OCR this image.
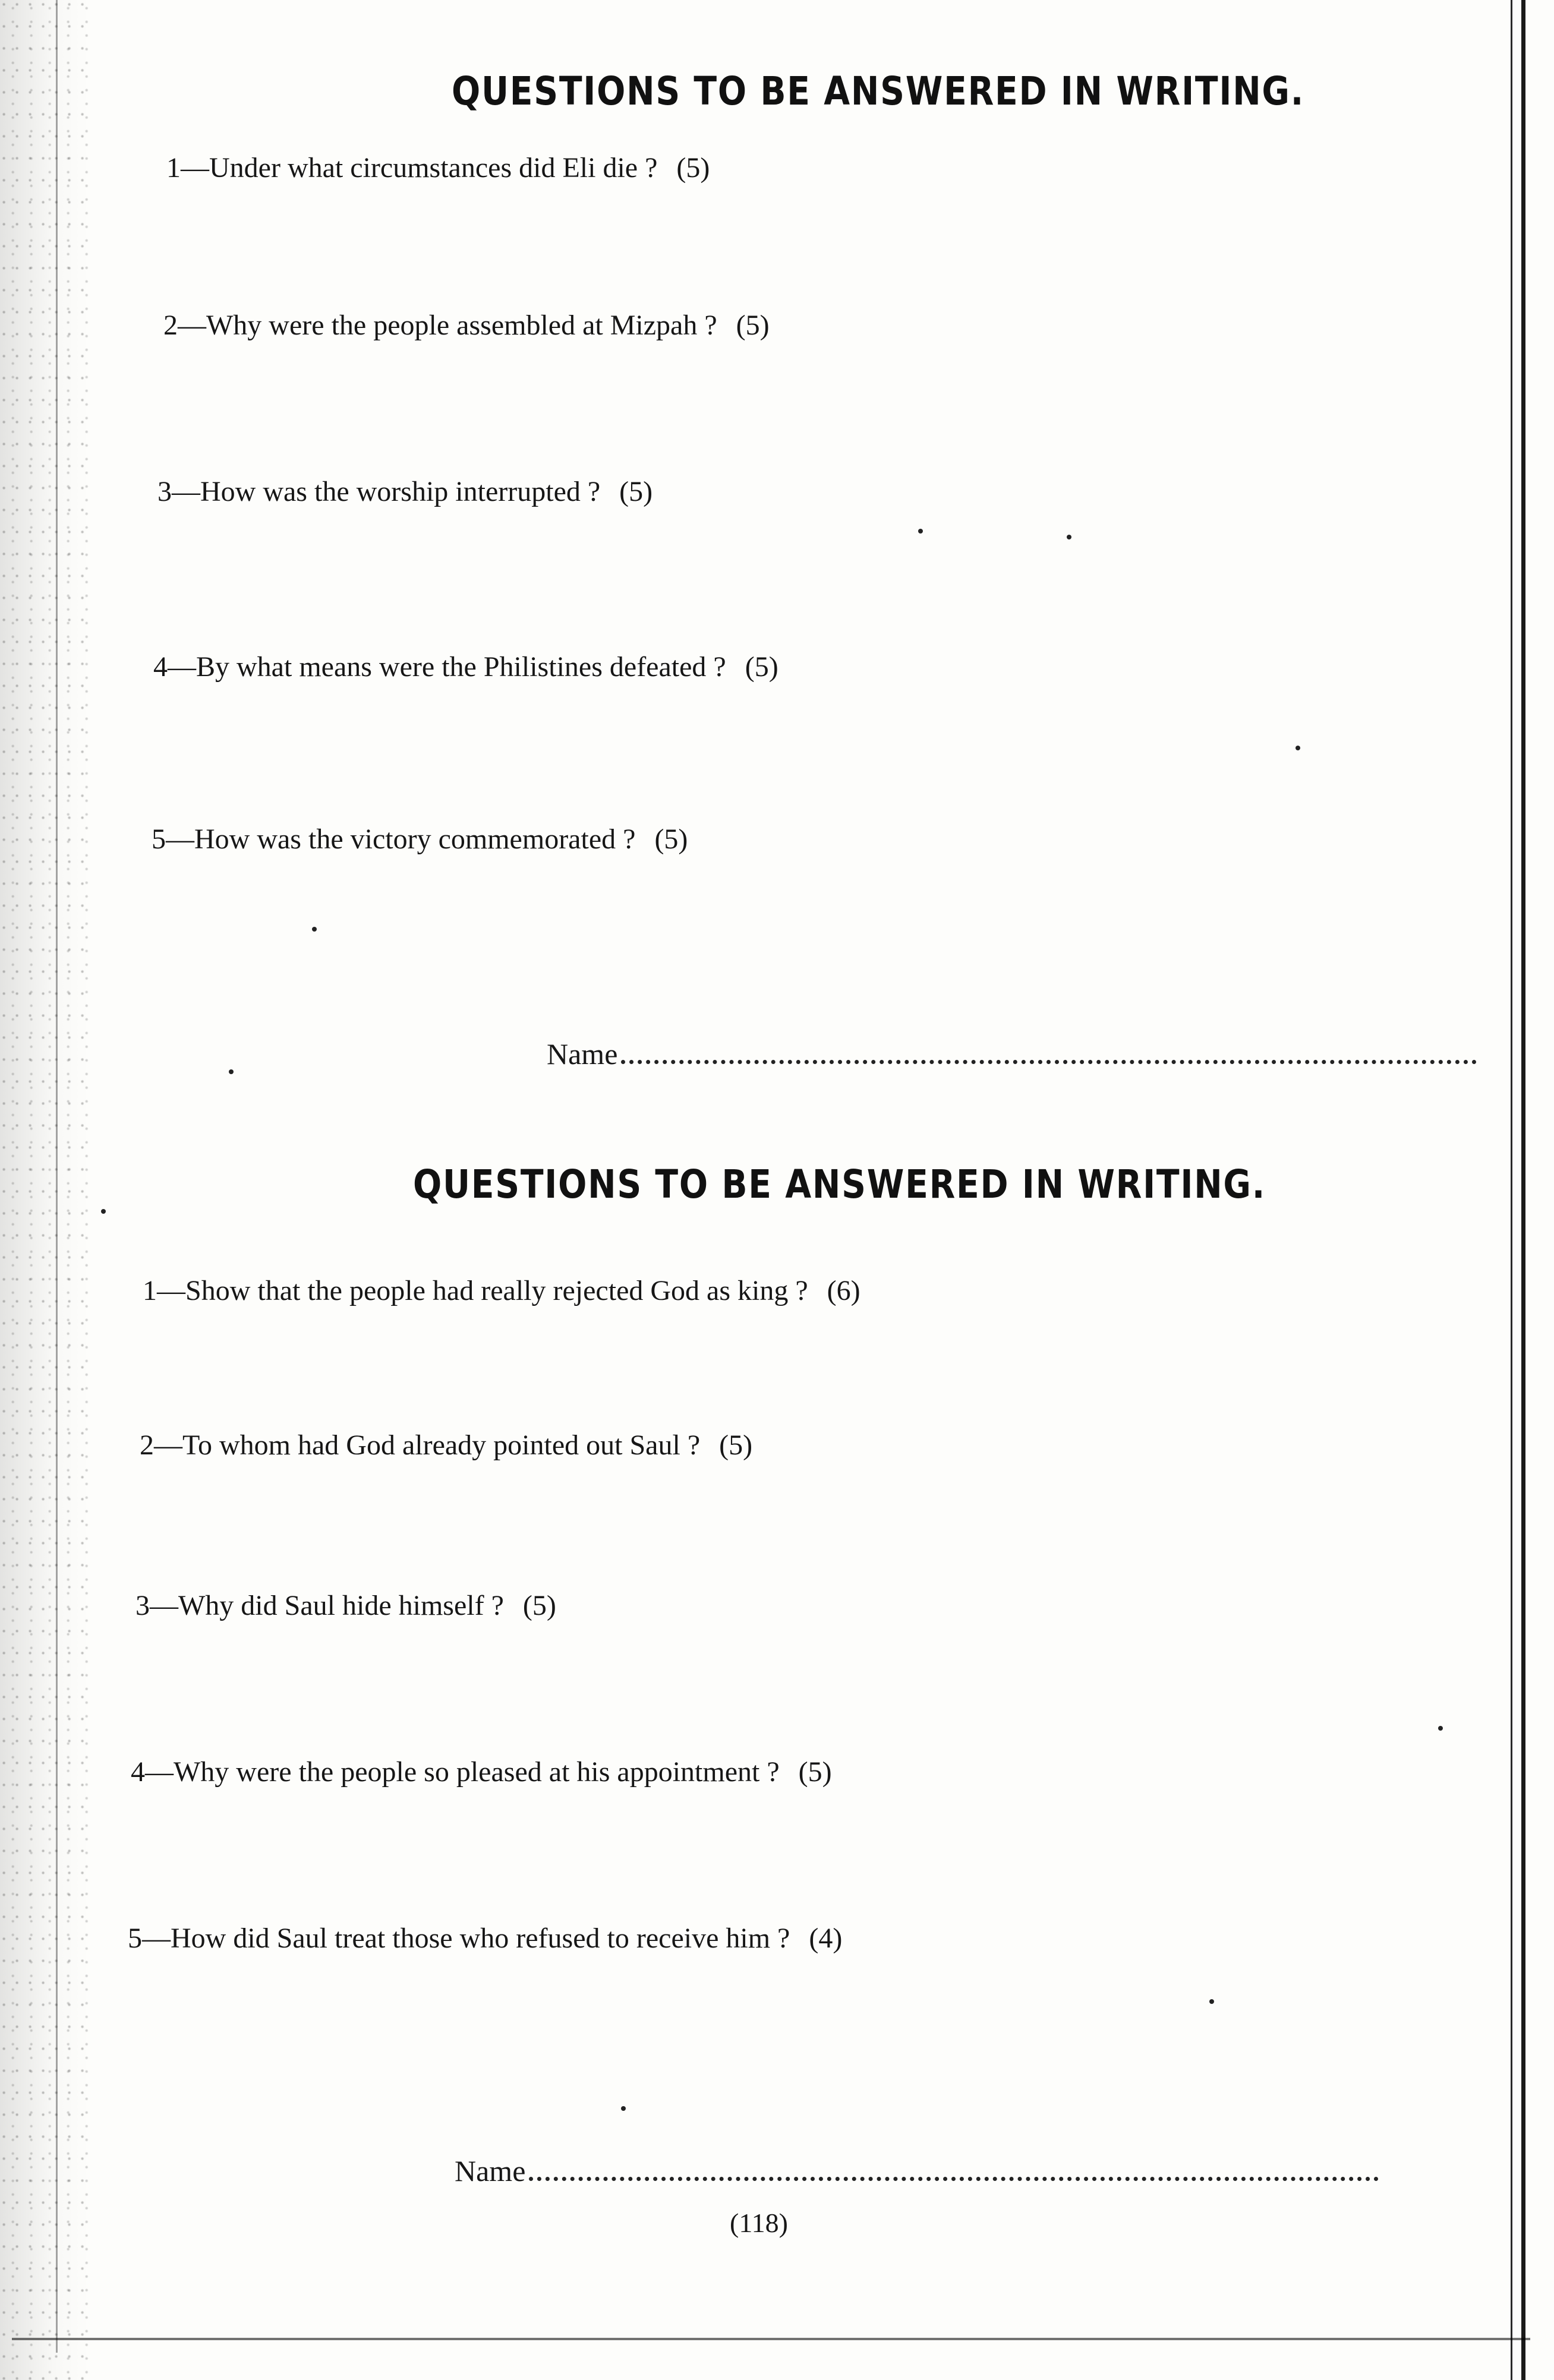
QUESTIONS TO BE ANSWERED IN WRITING.
1—Under what circumstances did Eli die ? (5)
2—Why were the people assembled at Mizpah ? (5)
3—How was the worship interrupted ? (5)
4—By what means were the Philistines defeated ? (5)
5—How was the victory commemorated ? (5)
Name
QUESTIONS TO BE ANSWERED IN WRITING.
1—Show that the people had really rejected God as king ? (6)
2—To whom had God already pointed out Saul ? (5)
3—Why did Saul hide himself ? (5)
4—Why were the people so pleased at his appointment ? (5)
5—How did Saul treat those who refused to receive him ? (4)
Name
(118)
